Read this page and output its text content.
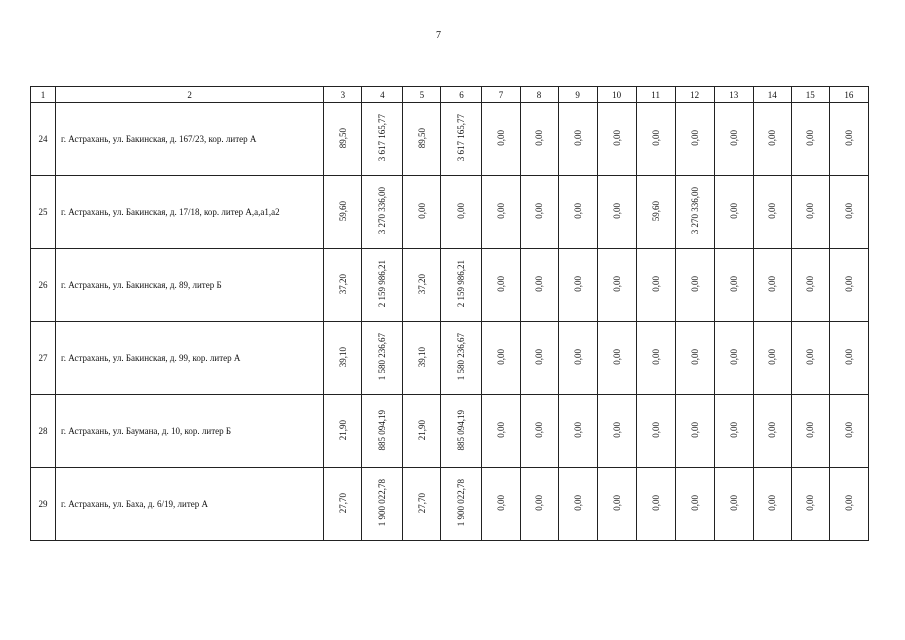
7
1	2	3	4	5	6	7	8	9	10	11	12	13	14	15	16
24	г. Астрахань, ул. Бакинская, д. 167/23, кор. литер А	89,50	3 617 165,77	89,50	3 617 165,77	0,00	0,00	0,00	0,00	0,00	0,00	0,00	0,00	0,00	0,00
25	г. Астрахань, ул. Бакинская, д. 17/18, кор. литер А,а,а1,а2	59,60	3 270 336,00	0,00	0,00	0,00	0,00	0,00	0,00	59,60	3 270 336,00	0,00	0,00	0,00	0,00
26	г. Астрахань, ул. Бакинская, д. 89, литер Б	37,20	2 159 986,21	37,20	2 159 986,21	0,00	0,00	0,00	0,00	0,00	0,00	0,00	0,00	0,00	0,00
27	г. Астрахань, ул. Бакинская, д. 99, кор. литер А	39,10	1 580 236,67	39,10	1 580 236,67	0,00	0,00	0,00	0,00	0,00	0,00	0,00	0,00	0,00	0,00
28	г. Астрахань, ул. Баумана, д. 10, кор. литер Б	21,90	885 094,19	21,90	885 094,19	0,00	0,00	0,00	0,00	0,00	0,00	0,00	0,00	0,00	0,00
29	г. Астрахань, ул. Баха, д. 6/19, литер А	27,70	1 900 022,78	27,70	1 900 022,78	0,00	0,00	0,00	0,00	0,00	0,00	0,00	0,00	0,00	0,00
